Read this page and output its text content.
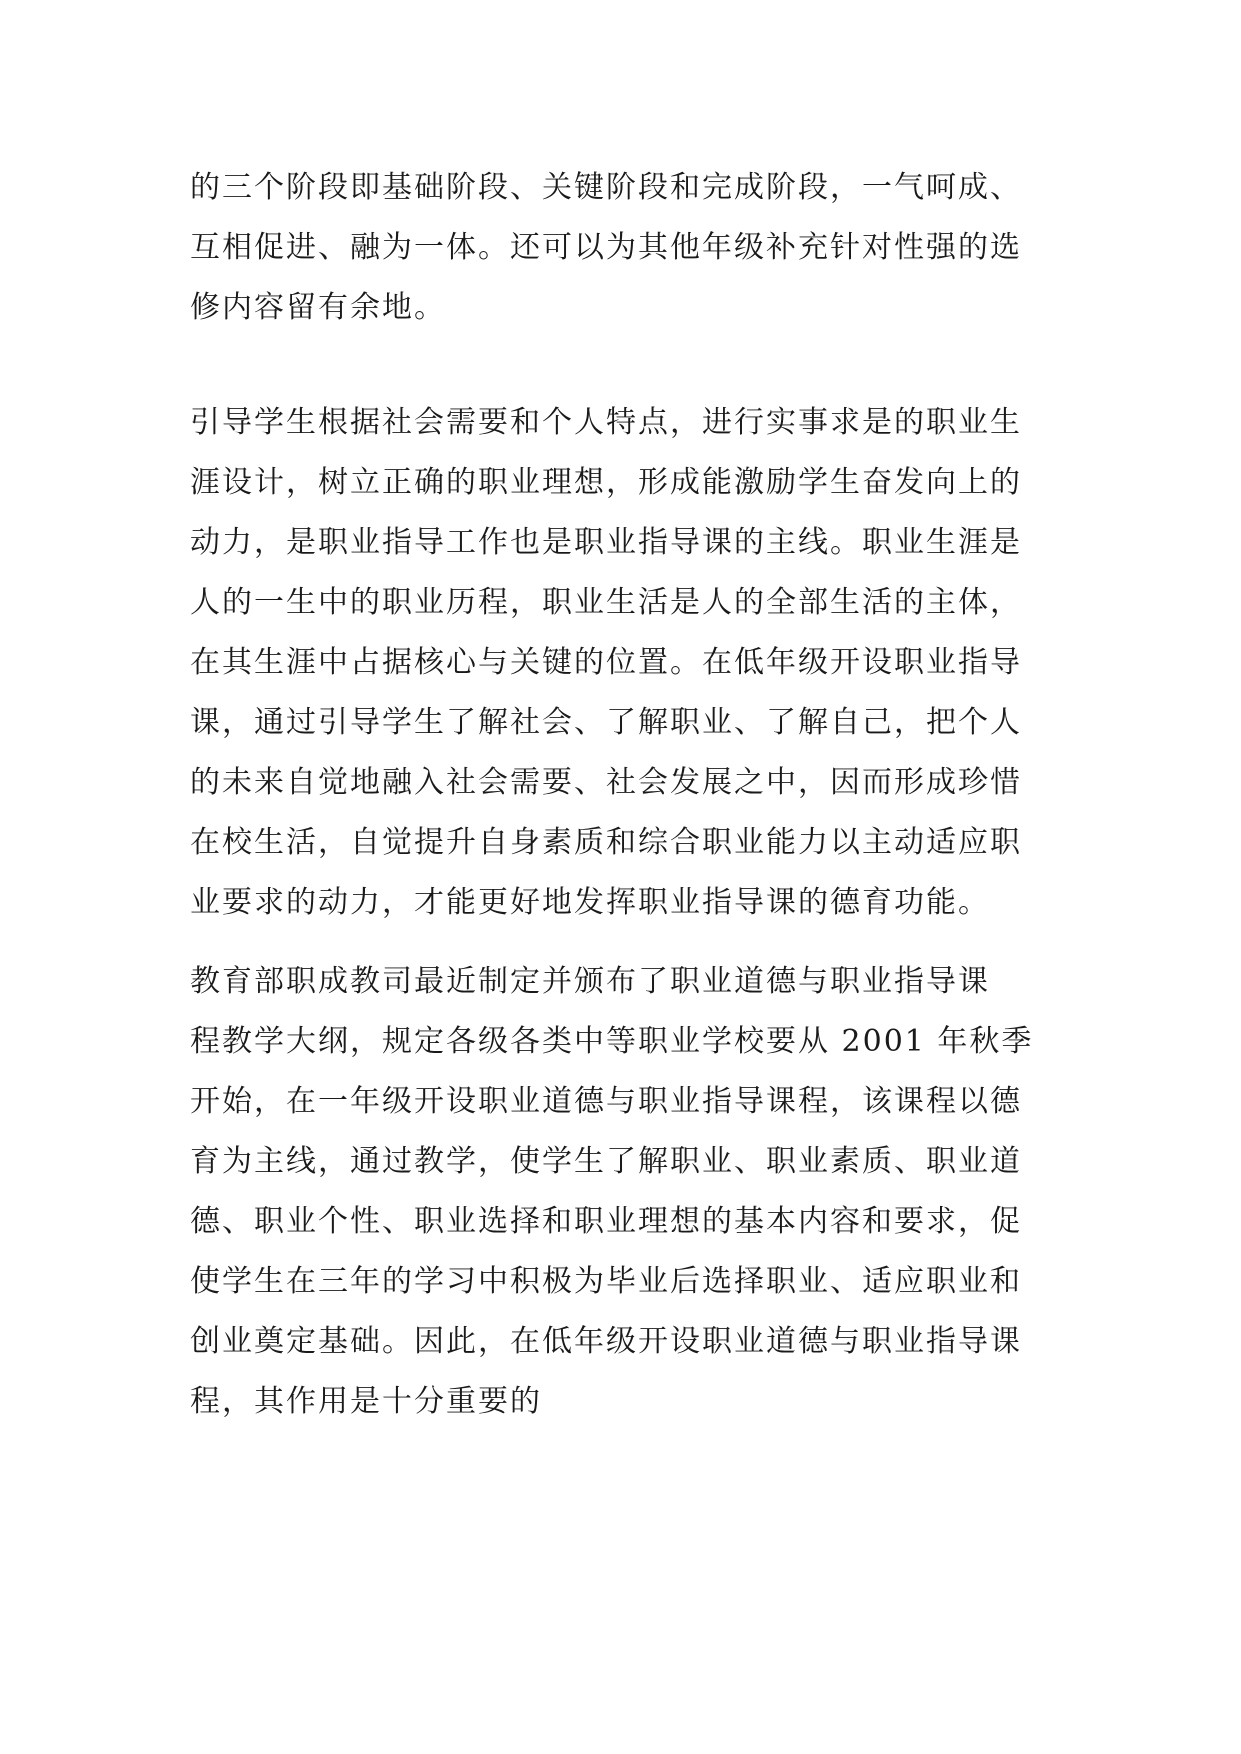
的三个阶段即基础阶段、关键阶段和完成阶段，一气呵成、
互相促进、融为一体。还可以为其他年级补充针对性强的选
修内容留有余地。
引导学生根据社会需要和个人特点，进行实事求是的职业生
涯设计，树立正确的职业理想，形成能激励学生奋发向上的
动力，是职业指导工作也是职业指导课的主线。职业生涯是
人的一生中的职业历程，职业生活是人的全部生活的主体，
在其生涯中占据核心与关键的位置。在低年级开设职业指导
课，通过引导学生了解社会、了解职业、了解自己，把个人
的未来自觉地融入社会需要、社会发展之中，因而形成珍惜
在校生活，自觉提升自身素质和综合职业能力以主动适应职
业要求的动力，才能更好地发挥职业指导课的德育功能。
教育部职成教司最近制定并颁布了职业道德与职业指导课
程教学大纲，规定各级各类中等职业学校要从 2001 年秋季
开始，在一年级开设职业道德与职业指导课程，该课程以德
育为主线，通过教学，使学生了解职业、职业素质、职业道
德、职业个性、职业选择和职业理想的基本内容和要求，促
使学生在三年的学习中积极为毕业后选择职业、适应职业和
创业奠定基础。因此，在低年级开设职业道德与职业指导课
程，其作用是十分重要的
